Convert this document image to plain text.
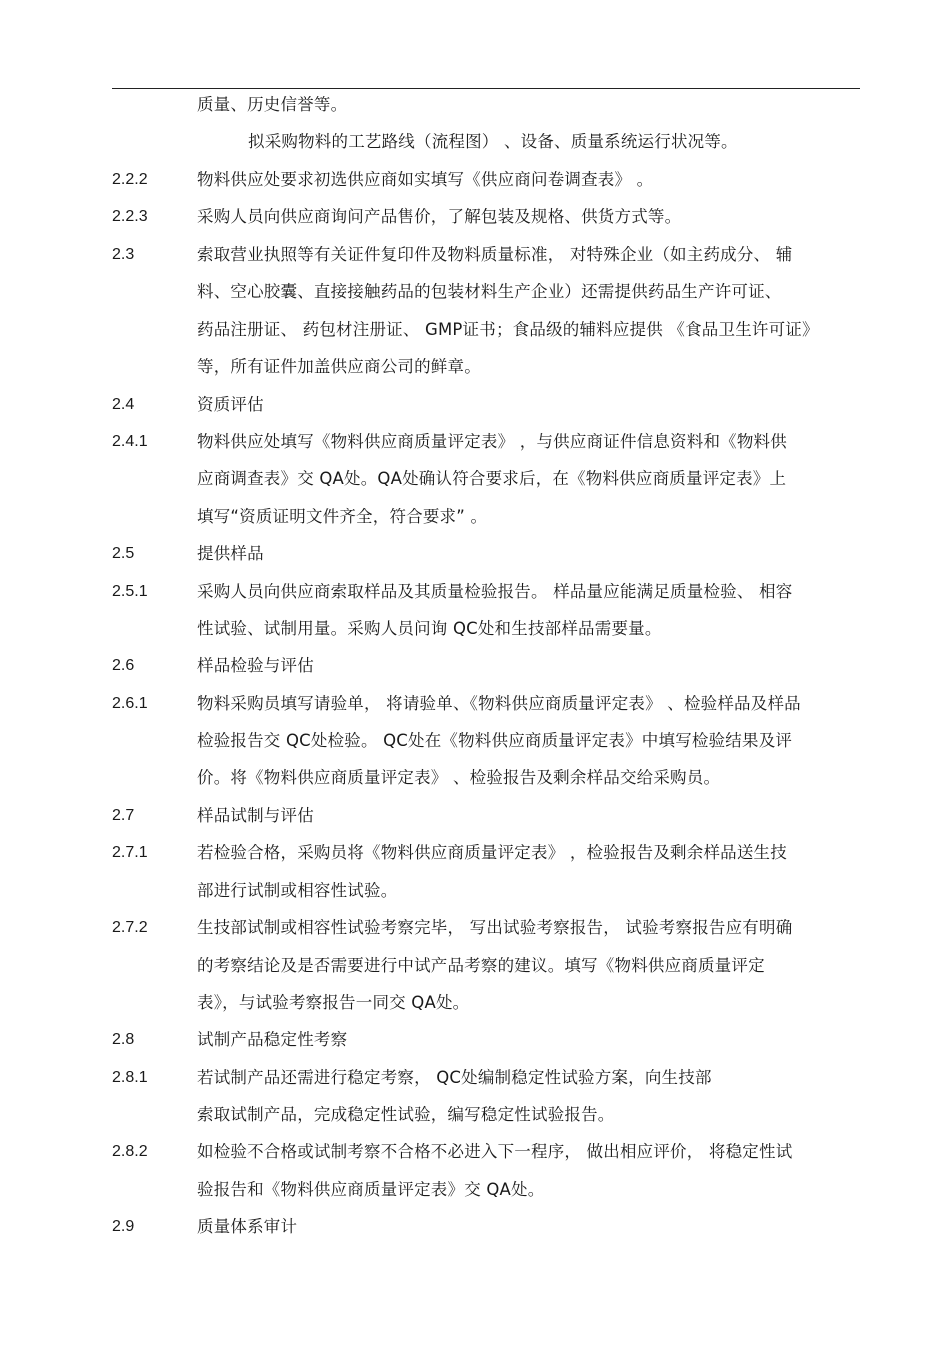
质量、历史信誉等。
拟采购物料的工艺路线（流程图） 、设备、质量系统运行状况等。
2.2.2	物料供应处要求初选供应商如实填写《供应商问卷调查表》 。
2.2.3	采购人员向供应商询问产品售价，了解包装及规格、供货方式等。
2.3	索取营业执照等有关证件复印件及物料质量标准， 对特殊企业（如主药成分、 辅
料、空心胶囊、直接接触药品的包装材料生产企业）还需提供药品生产许可证、
药品注册证、 药包材注册证、 GMP证书；食品级的辅料应提供 《食品卫生许可证》
等，所有证件加盖供应商公司的鲜章。
2.4	资质评估
2.4.1	物料供应处填写《物料供应商质量评定表》 ，与供应商证件信息资料和《物料供
应商调查表》交 QA处。QA处确认符合要求后，在《物料供应商质量评定表》上
填写“资质证明文件齐全，符合要求” 。
2.5	提供样品
2.5.1	采购人员向供应商索取样品及其质量检验报告。 样品量应能满足质量检验、 相容
性试验、试制用量。采购人员问询 QC处和生技部样品需要量。
2.6	样品检验与评估
2.6.1	物料采购员填写请验单， 将请验单、《物料供应商质量评定表》 、检验样品及样品
检验报告交 QC处检验。 QC处在《物料供应商质量评定表》中填写检验结果及评
价。将《物料供应商质量评定表》 、检验报告及剩余样品交给采购员。
2.7	样品试制与评估
2.7.1	若检验合格，采购员将《物料供应商质量评定表》 ，检验报告及剩余样品送生技
部进行试制或相容性试验。
2.7.2	生技部试制或相容性试验考察完毕， 写出试验考察报告， 试验考察报告应有明确
的考察结论及是否需要进行中试产品考察的建议。填写《物料供应商质量评定
表》，与试验考察报告一同交 QA处。
2.8	试制产品稳定性考察
2.8.1	若试制产品还需进行稳定考察， QC处编制稳定性试验方案，向生技部
索取试制产品，完成稳定性试验，编写稳定性试验报告。
2.8.2	如检验不合格或试制考察不合格不必进入下一程序， 做出相应评价， 将稳定性试
验报告和《物料供应商质量评定表》交 QA处。
2.9	质量体系审计
